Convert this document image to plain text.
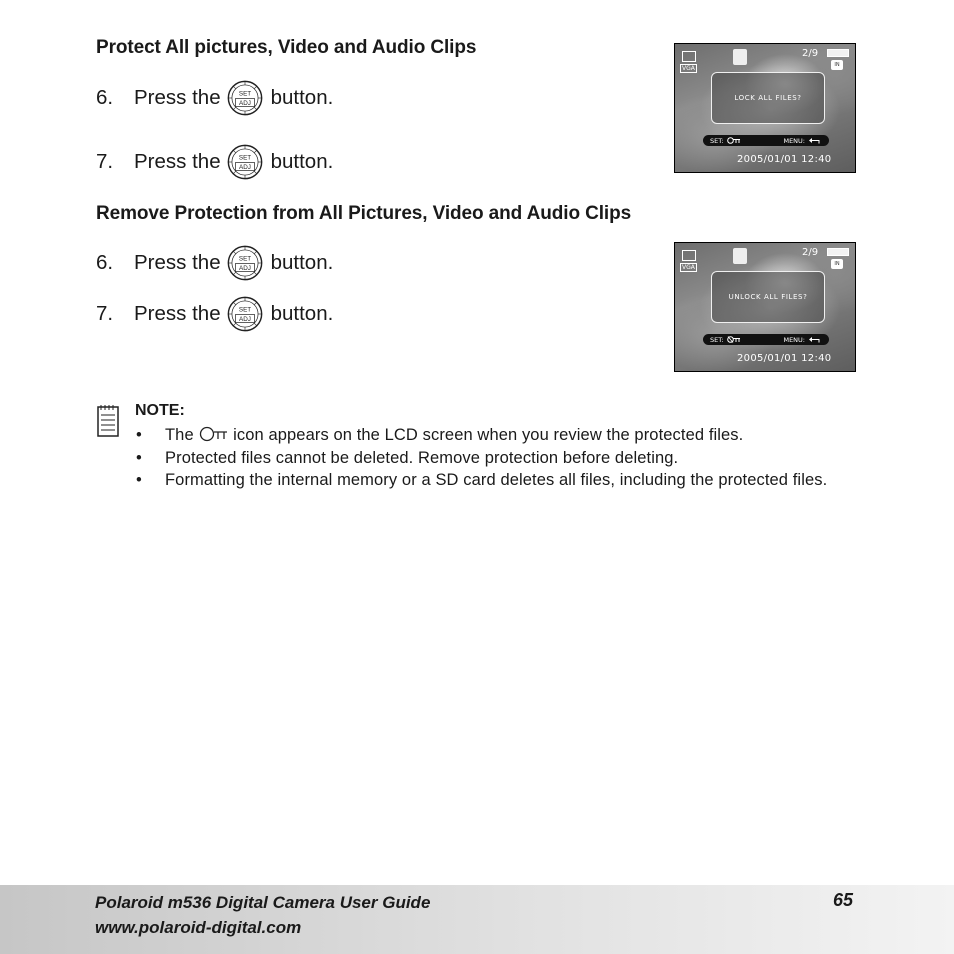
Protect All pictures, Video and Audio Clips
6.	Press the	SET
ADJ button.
7.	Press the	SET
ADJ button.
VGA
2/9
IN
LOCK ALL FILES?
SET:	MENU:
2005/01/01 12:40
Remove Protection from All Pictures, Video and Audio Clips
6.	Press the	SET
ADJ button.
7.	Press the	SET
ADJ button.
VGA
2/9
IN
UNLOCK ALL FILES?
SET:	MENU:
2005/01/01 12:40
NOTE:
• The icon appears on the LCD screen when you review the protected files.
• Protected files cannot be deleted. Remove protection before deleting.
• Formatting the internal memory or a SD card deletes all files, including the protected files.
Polaroid m536 Digital Camera User Guide
www.polaroid-digital.com
65
